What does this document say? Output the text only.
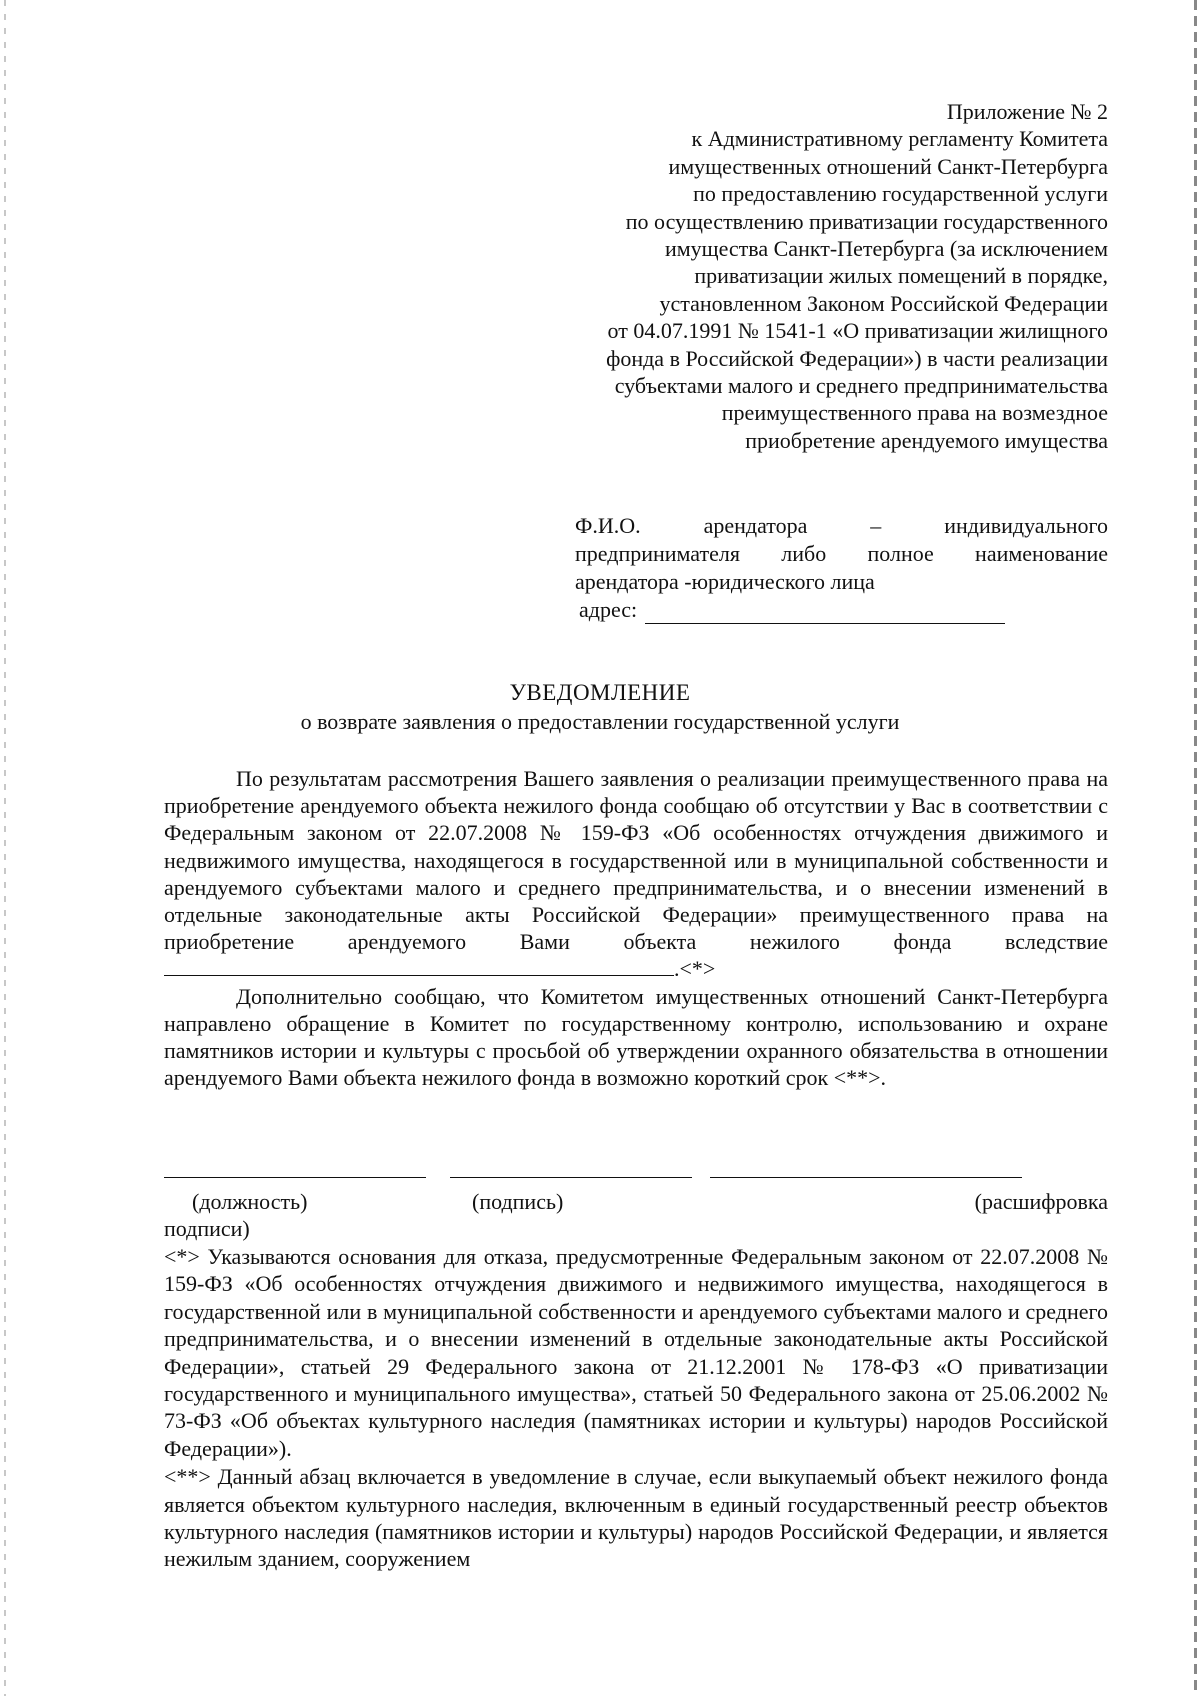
Приложение № 2
к Административному регламенту Комитета
имущественных отношений Санкт-Петербурга
по предоставлению государственной услуги
по осуществлению приватизации государственного
имущества Санкт-Петербурга (за исключением
приватизации жилых помещений в порядке,
установленном Законом Российской Федерации
от 04.07.1991 № 1541-1 «О приватизации жилищного
фонда в Российской Федерации») в части реализации
субъектами малого и среднего предпринимательства
преимущественного права на возмездное
приобретение арендуемого имущества
Ф.И.О. арендатора – индивидуального
предпринимателя либо полное наименование
арендатора -юридического лица
адрес:
УВЕДОМЛЕНИЕ
о возврате заявления о предоставлении государственной услуги

По результатам рассмотрения Вашего заявления о реализации преимущественного права на приобретение арендуемого объекта нежилого фонда сообщаю об отсутствии у Вас в соответствии с Федеральным законом от 22.07.2008 № 159-ФЗ «Об особенностях отчуждения движимого и недвижимого имущества, находящегося в государственной или в муниципальной собственности и арендуемого субъектами малого и среднего предпринимательства, и о внесении изменений в отдельные законодательные акты Российской Федерации» преимущественного права на приобретение арендуемого Вами объекта нежилого фонда вследствие.<*>

Дополнительно сообщаю, что Комитетом имущественных отношений Санкт-Петербурга направлено обращение в Комитет по государственному контролю, использованию и охране памятников истории и культуры с просьбой об утверждении охранного обязательства в отношении арендуемого Вами объекта нежилого фонда в возможно короткий срок <**>.

(должность)	(подпись)	(расшифровка
подписи)

<*> Указываются основания для отказа, предусмотренные Федеральным законом от 22.07.2008 № 159-ФЗ «Об особенностях отчуждения движимого и недвижимого имущества, находящегося в государственной или в муниципальной собственности и арендуемого субъектами малого и среднего предпринимательства, и о внесении изменений в отдельные законодательные акты Российской Федерации», статьей 29 Федерального закона от 21.12.2001 № 178-ФЗ «О приватизации государственного и муниципального имущества», статьей 50 Федерального закона от 25.06.2002 № 73-ФЗ «Об объектах культурного наследия (памятниках истории и культуры) народов Российской Федерации»).

<**> Данный абзац включается в уведомление в случае, если выкупаемый объект нежилого фонда является объектом культурного наследия, включенным в единый государственный реестр объектов культурного наследия (памятников истории и культуры) народов Российской Федерации, и является нежилым зданием, сооружением
